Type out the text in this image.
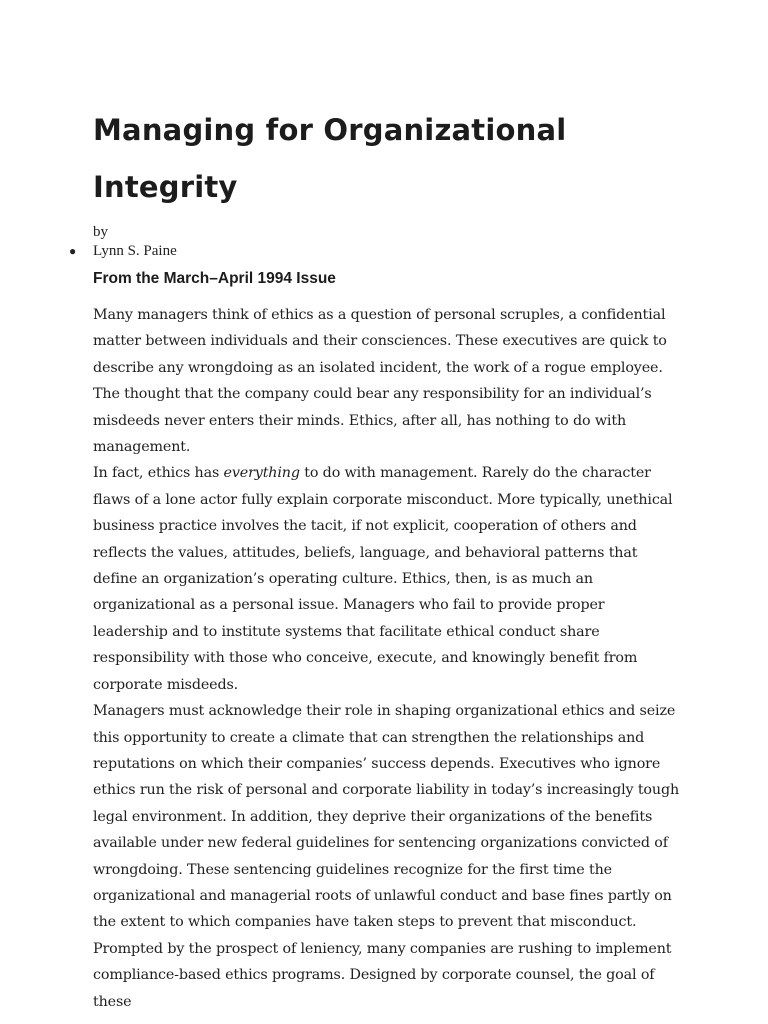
Managing for Organizational Integrity
by
● Lynn S. Paine
From the March–April 1994 Issue

Many managers think of ethics as a question of personal scruples, a confidential matter between individuals and their consciences. These executives are quick to describe any wrongdoing as an isolated incident, the work of a rogue employee. The thought that the company could bear any responsibility for an individual’s misdeeds never enters their minds. Ethics, after all, has nothing to do with management.

In fact, ethics has everything to do with management. Rarely do the character flaws of a lone actor fully explain corporate misconduct. More typically, unethical business practice involves the tacit, if not explicit, cooperation of others and reflects the values, attitudes, beliefs, language, and behavioral patterns that define an organization’s operating culture. Ethics, then, is as much an organizational as a personal issue. Managers who fail to provide proper leadership and to institute systems that facilitate ethical conduct share responsibility with those who conceive, execute, and knowingly benefit from corporate misdeeds.

Managers must acknowledge their role in shaping organizational ethics and seize this opportunity to create a climate that can strengthen the relationships and reputations on which their companies’ success depends. Executives who ignore ethics run the risk of personal and corporate liability in today’s increasingly tough legal environment. In addition, they deprive their organizations of the benefits available under new federal guidelines for sentencing organizations convicted of wrongdoing. These sentencing guidelines recognize for the first time the organizational and managerial roots of unlawful conduct and base fines partly on the extent to which companies have taken steps to prevent that misconduct.

Prompted by the prospect of leniency, many companies are rushing to implement compliance-based ethics programs. Designed by corporate counsel, the goal of these
